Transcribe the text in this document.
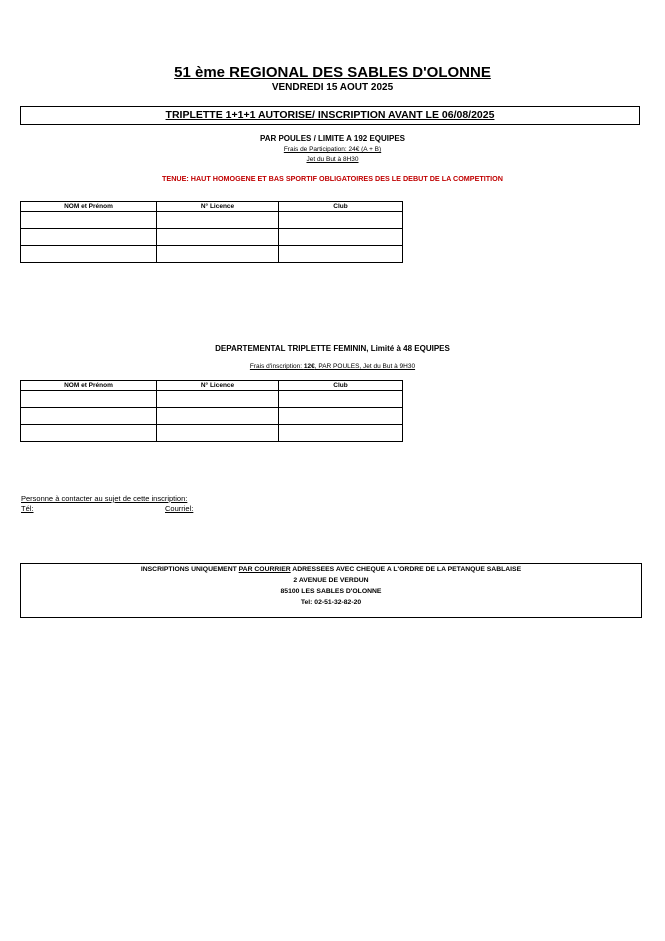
51 ème REGIONAL DES SABLES D'OLONNE
VENDREDI 15 AOUT 2025
TRIPLETTE 1+1+1 AUTORISE/ INSCRIPTION AVANT LE 06/08/2025
PAR POULES / LIMITE A 192 EQUIPES
Frais de Participation: 24€ (A + B)
Jet du But à 8H30
TENUE: HAUT HOMOGENE ET BAS SPORTIF OBLIGATOIRES DES LE DEBUT DE LA COMPETITION
NOM et Prénom	N° Licence	Club

DEPARTEMENTAL TRIPLETTE FEMININ, Limité à 48 EQUIPES
Frais d'inscription: 12€, PAR POULES, Jet du But à 9H30
NOM et Prénom	N° Licence	Club

Personne à contacter au sujet de cette inscription:
Tél:	Courriel:
INSCRIPTIONS UNIQUEMENT PAR COURRIER ADRESSEES AVEC CHEQUE A L'ORDRE DE LA PETANQUE SABLAISE
2 AVENUE DE VERDUN
85100 LES SABLES D'OLONNE
Tel: 02-51-32-82-20
